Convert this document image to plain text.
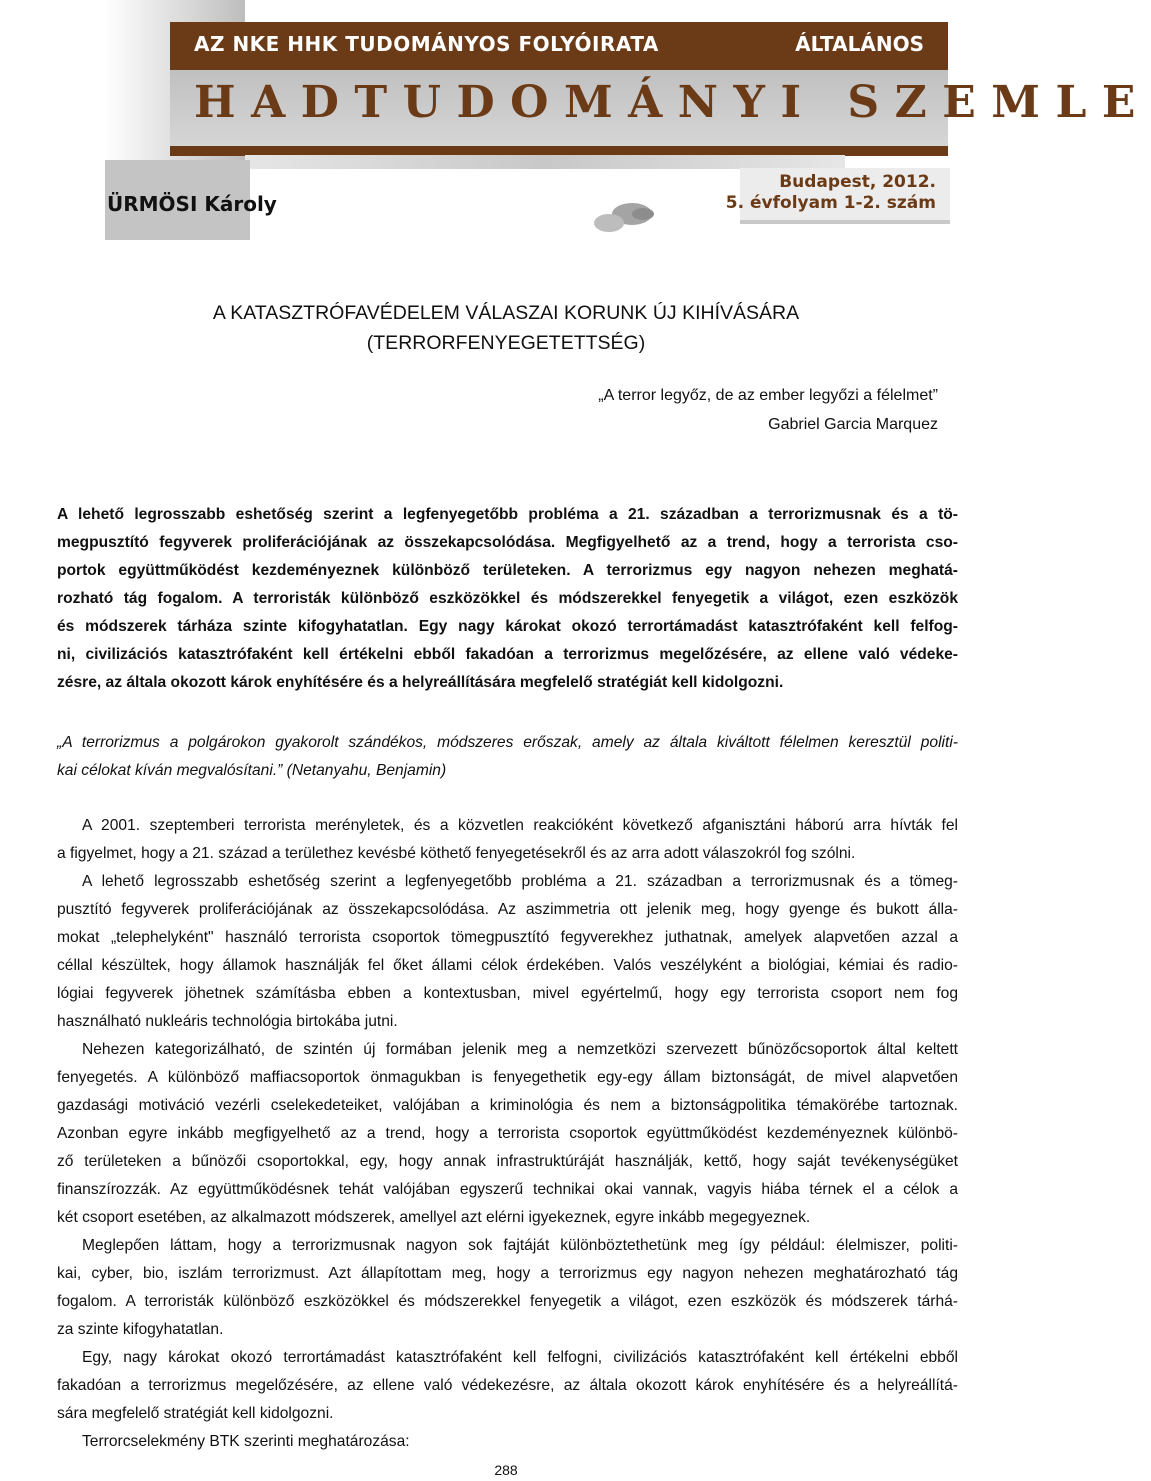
AZ NKE HHK TUDOMÁNYOS FOLYÓIRATA	ÁLTALÁNOS
HADTUDOMÁNYI SZEMLE
ÜRMÖSI Károly
Budapest, 2012.
5. évfolyam 1-2. szám
A KATASZTRÓFAVÉDELEM VÁLASZAI KORUNK ÚJ KIHÍVÁSÁRA
(TERRORFENYEGETETTSÉG)
„A terror legyőz, de az ember legyőzi a félelmet”
Gabriel Garcia Marquez
A lehető legrosszabb eshetőség szerint a legfenyegetőbb probléma a 21. században a terrorizmusnak és a tö-
megpusztító fegyverek proliferációjának az összekapcsolódása. Megfigyelhető az a trend, hogy a terrorista cso-
portok együttműködést kezdeményeznek különböző területeken. A terrorizmus egy nagyon nehezen meghatá-
rozható tág fogalom. A terroristák különböző eszközökkel és módszerekkel fenyegetik a világot, ezen eszközök
és módszerek tárháza szinte kifogyhatatlan. Egy nagy károkat okozó terrortámadást katasztrófaként kell felfog-
ni, civilizációs katasztrófaként kell értékelni ebből fakadóan a terrorizmus megelőzésére, az ellene való védeke-
zésre, az általa okozott károk enyhítésére és a helyreállítására megfelelő stratégiát kell kidolgozni.
„A terrorizmus a polgárokon gyakorolt szándékos, módszeres erőszak, amely az általa kiváltott félelmen keresztül politi-
kai célokat kíván megvalósítani.” (Netanyahu, Benjamin)
A 2001. szeptemberi terrorista merényletek, és a közvetlen reakcióként következő afganisztáni háború arra hívták fel
a figyelmet, hogy a 21. század a területhez kevésbé köthető fenyegetésekről és az arra adott válaszokról fog szólni.
A lehető legrosszabb eshetőség szerint a legfenyegetőbb probléma a 21. században a terrorizmusnak és a tömeg-
pusztító fegyverek proliferációjának az összekapcsolódása. Az aszimmetria ott jelenik meg, hogy gyenge és bukott álla-
mokat „telephelyként" használó terrorista csoportok tömegpusztító fegyverekhez juthatnak, amelyek alapvetően azzal a
céllal készültek, hogy államok használják fel őket állami célok érdekében. Valós veszélyként a biológiai, kémiai és radio-
lógiai fegyverek jöhetnek számításba ebben a kontextusban, mivel egyértelmű, hogy egy terrorista csoport nem fog
használható nukleáris technológia birtokába jutni.
Nehezen kategorizálható, de szintén új formában jelenik meg a nemzetközi szervezett bűnözőcsoportok által keltett
fenyegetés. A különböző maffiacsoportok önmagukban is fenyegethetik egy-egy állam biztonságát, de mivel alapvetően
gazdasági motiváció vezérli cselekedeteiket, valójában a kriminológia és nem a biztonságpolitika témakörébe tartoznak.
Azonban egyre inkább megfigyelhető az a trend, hogy a terrorista csoportok együttműködést kezdeményeznek különbö-
ző területeken a bűnözői csoportokkal, egy, hogy annak infrastruktúráját használják, kettő, hogy saját tevékenységüket
finanszírozzák. Az együttműködésnek tehát valójában egyszerű technikai okai vannak, vagyis hiába térnek el a célok a
két csoport esetében, az alkalmazott módszerek, amellyel azt elérni igyekeznek, egyre inkább megegyeznek.
Meglepően láttam, hogy a terrorizmusnak nagyon sok fajtáját különböztethetünk meg így például: élelmiszer, politi-
kai, cyber, bio, iszlám terrorizmust. Azt állapítottam meg, hogy a terrorizmus egy nagyon nehezen meghatározható tág
fogalom. A terroristák különböző eszközökkel és módszerekkel fenyegetik a világot, ezen eszközök és módszerek tárhá-
za szinte kifogyhatatlan.
Egy, nagy károkat okozó terrortámadást katasztrófaként kell felfogni, civilizációs katasztrófaként kell értékelni ebből
fakadóan a terrorizmus megelőzésére, az ellene való védekezésre, az általa okozott károk enyhítésére és a helyreállítá-
sára megfelelő stratégiát kell kidolgozni.
Terrorcselekmény BTK szerinti meghatározása:
288
